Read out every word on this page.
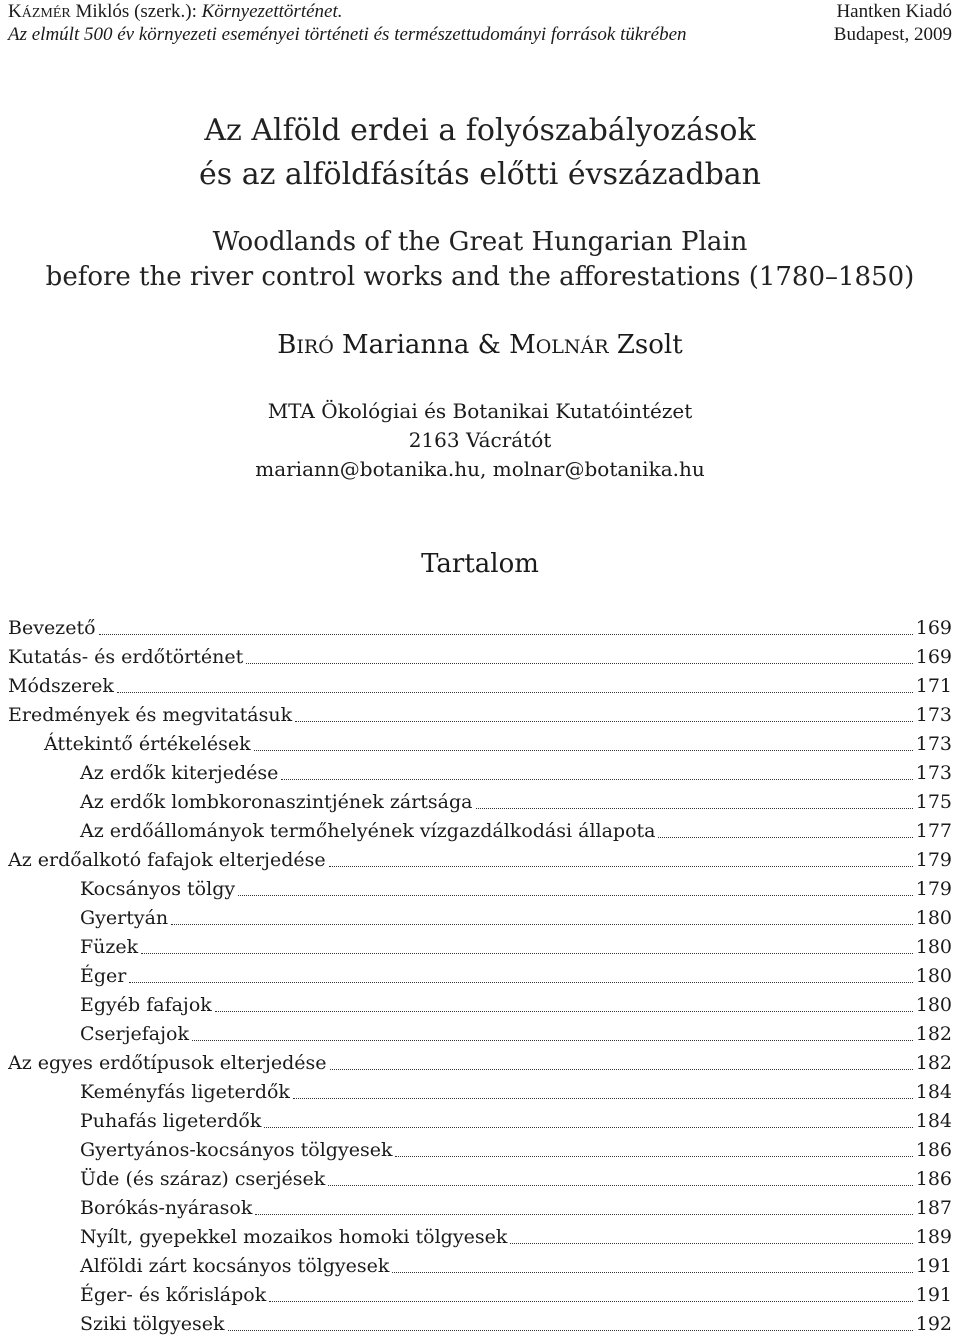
KÁZMÉR Miklós (szerk.): Környezettörténet.	Hantken Kiadó
Az elmúlt 500 év környezeti eseményei történeti és természettudományi források tükrében	Budapest, 2009
Az Alföld erdei a folyószabályozások
és az alföldfásítás előtti évszázadban
Woodlands of the Great Hungarian Plain
before the river control works and the afforestations (1780–1850)
BIRÓ Marianna & MOLNÁR Zsolt
MTA Ökológiai és Botanikai Kutatóintézet
2163 Vácrátót
mariann@botanika.hu, molnar@botanika.hu
Tartalom
Bevezető	169
Kutatás- és erdőtörténet	169
Módszerek	171
Eredmények és megvitatásuk	173
Áttekintő értékelések	173
Az erdők kiterjedése	173
Az erdők lombkoronaszintjének zártsága	175
Az erdőállományok termőhelyének vízgazdálkodási állapota	177
Az erdőalkotó fafajok elterjedése	179
Kocsányos tölgy	179
Gyertyán	180
Füzek	180
Éger	180
Egyéb fafajok	180
Cserjefajok	182
Az egyes erdőtípusok elterjedése	182
Keményfás ligeterdők	184
Puhafás ligeterdők	184
Gyertyános-kocsányos tölgyesek	186
Üde (és száraz) cserjések	186
Borókás-nyárasok	187
Nyílt, gyepekkel mozaikos homoki tölgyesek	189
Alföldi zárt kocsányos tölgyesek	191
Éger- és kőrislápok	191
Sziki tölgyesek	192
